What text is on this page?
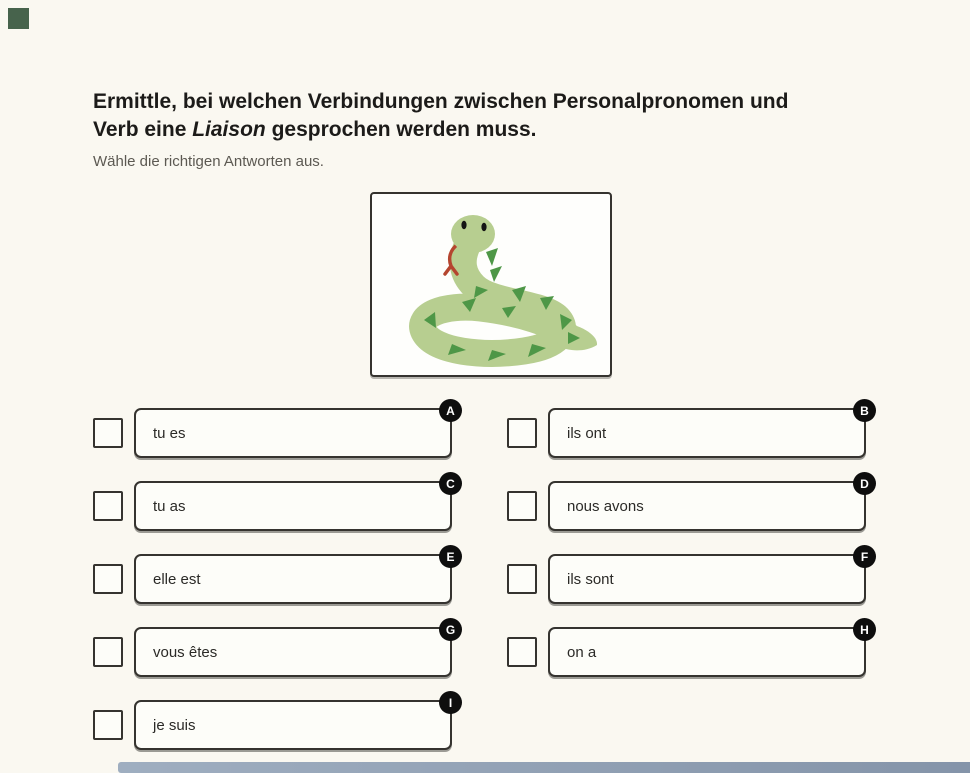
Ermittle, bei welchen Verbindungen zwischen Personalpronomen und
Verb eine Liaison gesprochen werden muss.
Wähle die richtigen Antworten aus.
tu es
A
tu as
C
elle est
E
vous êtes
G
je suis
I
ils ont
B
nous avons
D
ils sont
F
on a
H
